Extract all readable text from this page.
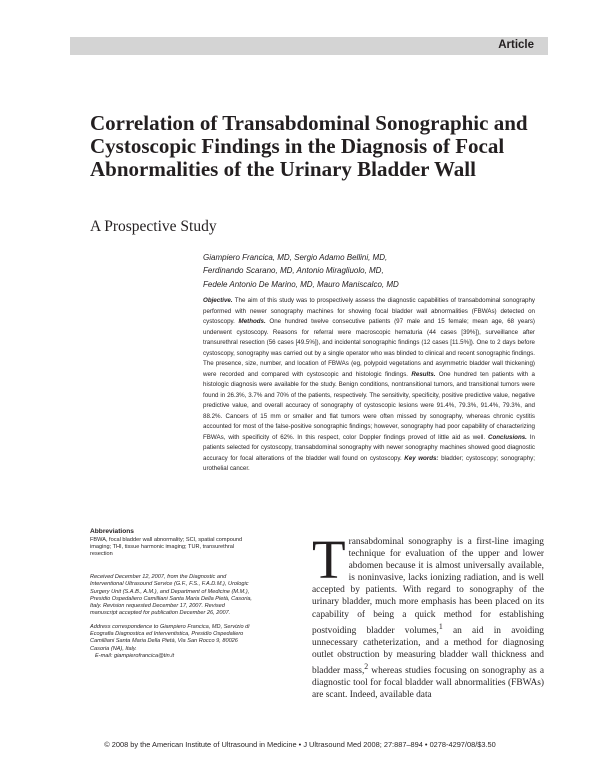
Article
Correlation of Transabdominal Sonographic and Cystoscopic Findings in the Diagnosis of Focal Abnormalities of the Urinary Bladder Wall
A Prospective Study
Giampiero Francica, MD, Sergio Adamo Bellini, MD,
Ferdinando Scarano, MD, Antonio Miragliuolo, MD,
Fedele Antonio De Marino, MD, Mauro Maniscalco, MD

Objective. The aim of this study was to prospectively assess the diagnostic capabilities of transabdominal sonography performed with newer sonography machines for showing focal bladder wall abnormalities (FBWAs) detected on cystoscopy. Methods. One hundred twelve consecutive patients (97 male and 15 female; mean age, 68 years) underwent cystoscopy. Reasons for referral were macroscopic hematuria (44 cases [39%]), surveillance after transurethral resection (56 cases [49.5%]), and incidental sonographic findings (12 cases [11.5%]). One to 2 days before cystoscopy, sonography was carried out by a single operator who was blinded to clinical and recent sonographic findings. The presence, size, number, and location of FBWAs (eg, polypoid vegetations and asymmetric bladder wall thickening) were recorded and compared with cystoscopic and histologic findings. Results. One hundred ten patients with a histologic diagnosis were available for the study. Benign conditions, nontransitional tumors, and transitional tumors were found in 26.3%, 3.7% and 70% of the patients, respectively. The sensitivity, specificity, positive predictive value, negative predictive value, and overall accuracy of sonography of cystoscopic lesions were 91.4%, 79.3%, 91.4%, 79.3%, and 88.2%. Cancers of 15 mm or smaller and flat tumors were often missed by sonography, whereas chronic cystitis accounted for most of the false-positive sonographic findings; however, sonography had poor capability of characterizing FBWAs, with specificity of 62%. In this respect, color Doppler findings proved of little aid as well. Conclusions. In patients selected for cystoscopy, transabdominal sonography with newer sonography machines showed good diagnostic accuracy for focal alterations of the bladder wall found on cystoscopy. Key words: bladder; cystoscopy; sonography; urothelial cancer.

Abbreviations
FBWA, focal bladder wall abnormality; SCI, spatial compound imaging; THI, tissue harmonic imaging; TUR, transurethral resection

Received December 12, 2007, from the Diagnostic and Interventional Ultrasound Service (G.F., F.S., F.A.D.M.), Urologic Surgery Unit (S.A.B., A.M.), and Department of Medicine (M.M.), Presidio Ospedaliero Camilliani Santa Maria Della Pietà, Casoria, Italy. Revision requested December 17, 2007. Revised manuscript accepted for publication December 26, 2007.

Address correspondence to Giampiero Francica, MD, Servizio di Ecografia Diagnostica ed Interventistica, Presidio Ospedaliero Camilliani Santa Maria Della Pietà, Via San Rocco 9, 80026 Casoria (NA), Italy.
E-mail: giampierofrancica@tin.it

Transabdominal sonography is a first-line imaging technique for evaluation of the upper and lower abdomen because it is almost universally available, is noninvasive, lacks ionizing radiation, and is well accepted by patients. With regard to sonography of the urinary bladder, much more emphasis has been placed on its capability of being a quick method for establishing postvoiding bladder volumes,$^1$ an aid in avoiding unnecessary catheterization, and a method for diagnosing outlet obstruction by measuring bladder wall thickness and bladder mass,$^2$ whereas studies focusing on sonography as a diagnostic tool for focal bladder wall abnormalities (FBWAs) are scant. Indeed, available data
© 2008 by the American Institute of Ultrasound in Medicine • J Ultrasound Med 2008; 27:887–894 • 0278-4297/08/$3.50
